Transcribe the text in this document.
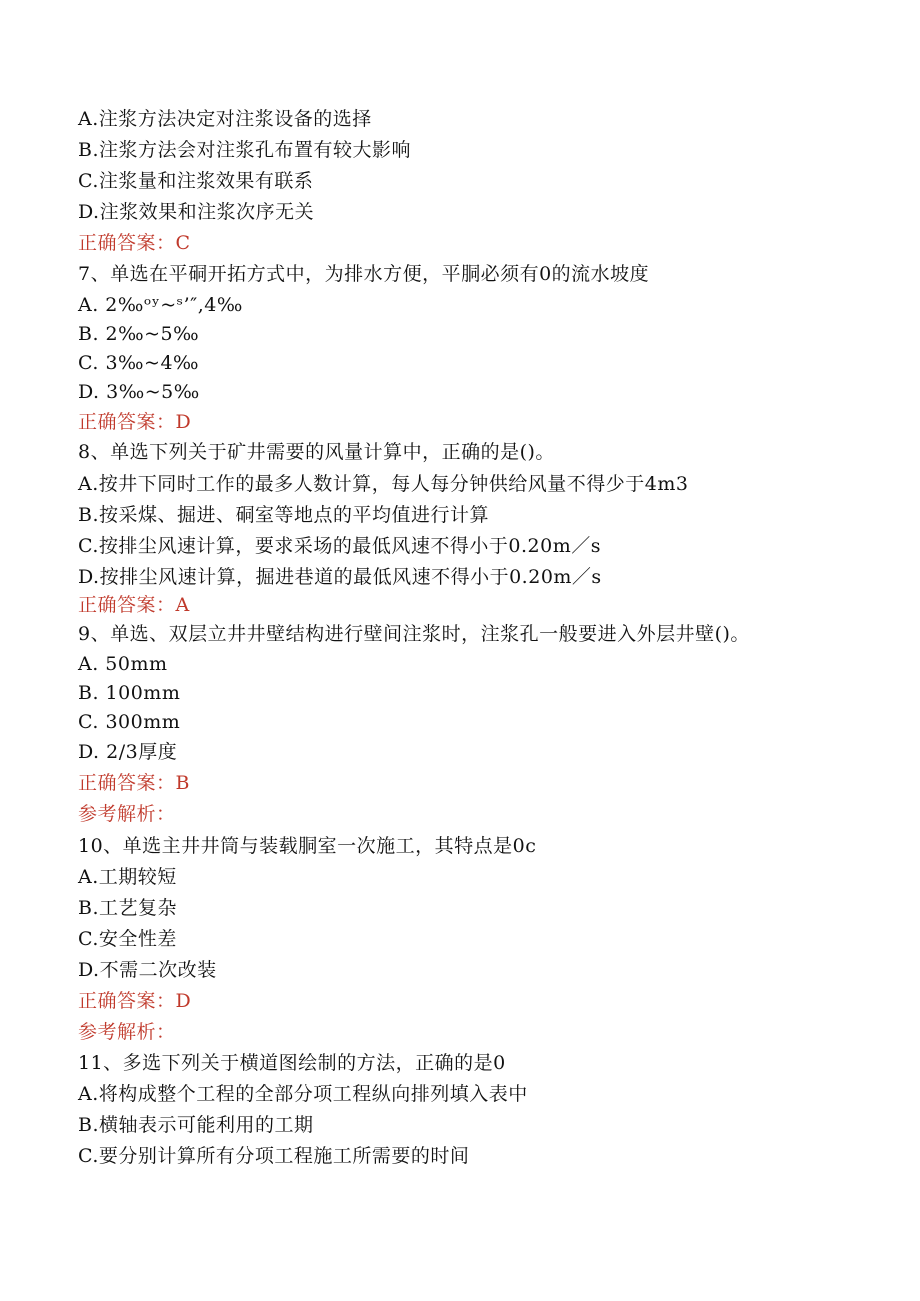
A.注浆方法决定对注浆设备的选择
B.注浆方法会对注浆孔布置有较大影响
C.注浆量和注浆效果有联系
D.注浆效果和注浆次序无关
正确答案：C
7、单选在平硐开拓方式中，为排水方便，平胴必须有0的流水坡度
A. 2‰ᵒʸ~ˢ’″,4‰
B. 2‰~5‰
C. 3‰~4‰
D. 3‰~5‰
正确答案：D
8、单选下列关于矿井需要的风量计算中，正确的是()。
A.按井下同时工作的最多人数计算，每人每分钟供给风量不得少于4m3
B.按采煤、掘进、硐室等地点的平均值进行计算
C.按排尘风速计算，要求采场的最低风速不得小于0.20m／s
D.按排尘风速计算，掘进巷道的最低风速不得小于0.20m／s
正确答案：A
9、单选、双层立井井壁结构进行壁间注浆时，注浆孔一般要进入外层井壁()。
A. 50mm
B. 100mm
C. 300mm
D. 2/3厚度
正确答案：B
参考解析：
10、单选主井井筒与装载胴室一次施工，其特点是0c
A.工期较短
B.工艺复杂
C.安全性差
D.不需二次改装
正确答案：D
参考解析：
11、多选下列关于横道图绘制的方法，正确的是0
A.将构成整个工程的全部分项工程纵向排列填入表中
B.横轴表示可能利用的工期
C.要分别计算所有分项工程施工所需要的时间
